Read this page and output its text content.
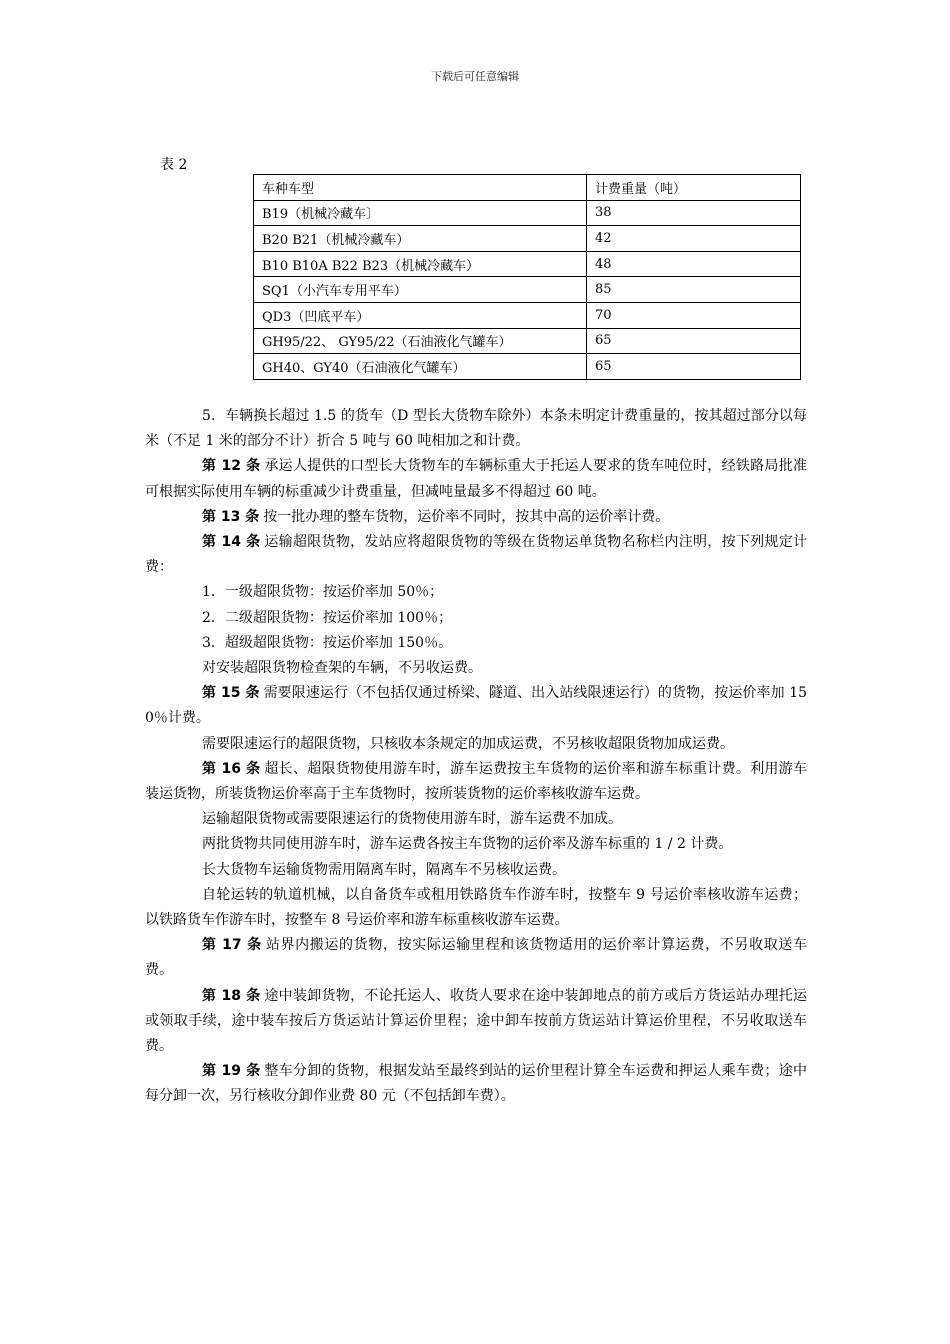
下载后可任意编辑
表 2
车种车型	计费重量（吨）
B19（机械冷藏车〕	38
B20 B21（机械冷藏车）	42
B10 B10A B22 B23（机械冷藏车）	48
SQ1（小汽车专用平车）	85
QD3（凹底平车）	70
GH95/22、 GY95/22（石油液化气罐车）	65
GH40、GY40（石油液化气罐车）	65

5．车辆换长超过 1.5 的货车（D 型长大货物车除外）本条未明定计费重量的，按其超过部分以每米（不足 1 米的部分不计）折合 5 吨与 60 吨相加之和计费。

第 12 条 承运人提供的口型长大货物车的车辆标重大于托运人要求的货车吨位时，经铁路局批准可根据实际使用车辆的标重减少计费重量，但减吨量最多不得超过 60 吨。

第 13 条 按一批办理的整车货物，运价率不同时，按其中高的运价率计费。

第 14 条 运输超限货物，发站应将超限货物的等级在货物运单货物名称栏内注明，按下列规定计费：

1．一级超限货物：按运价率加 50％；

2．二级超限货物：按运价率加 100％；

3．超级超限货物：按运价率加 150％。

对安装超限货物检查架的车辆，不另收运费。

第 15 条 需要限速运行（不包括仅通过桥梁、隧道、出入站线限速运行）的货物，按运价率加 150％计费。

需要限速运行的超限货物，只核收本条规定的加成运费，不另核收超限货物加成运费。

第 16 条 超长、超限货物使用游车时，游车运费按主车货物的运价率和游车标重计费。利用游车装运货物，所装货物运价率高于主车货物时，按所装货物的运价率核收游车运费。

运输超限货物或需要限速运行的货物使用游车时，游车运费不加成。

两批货物共同使用游车时，游车运费各按主车货物的运价率及游车标重的 1 / 2 计费。

长大货物车运输货物需用隔离车时，隔离车不另核收运费。

自轮运转的轨道机械，以自备货车或租用铁路货车作游车时，按整车 9 号运价率核收游车运费；以铁路货车作游车时，按整车 8 号运价率和游车标重核收游车运费。

第 17 条 站界内搬运的货物，按实际运输里程和该货物适用的运价率计算运费，不另收取送车费。

第 18 条 途中装卸货物，不论托运人、收货人要求在途中装卸地点的前方或后方货运站办理托运或领取手续，途中装车按后方货运站计算运价里程；途中卸车按前方货运站计算运价里程，不另收取送车费。

第 19 条 整车分卸的货物，根据发站至最终到站的运价里程计算全车运费和押运人乘车费；途中每分卸一次，另行核收分卸作业费 80 元（不包括卸车费）。
